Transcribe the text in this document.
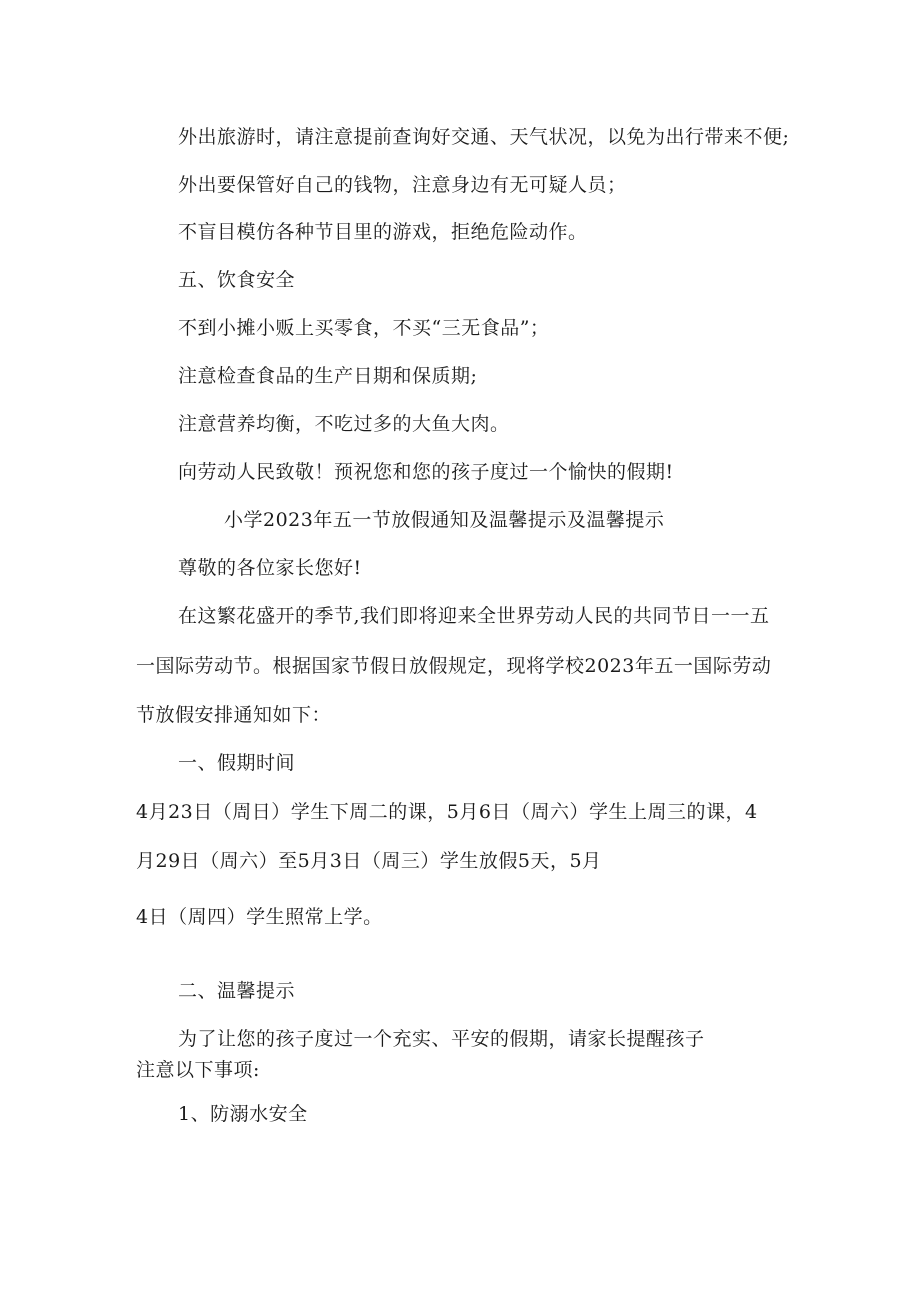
外出旅游时，请注意提前查询好交通、天气状况，以免为出行带来不便;
外出要保管好自己的钱物，注意身边有无可疑人员；
不盲目模仿各种节目里的游戏，拒绝危险动作。
五、饮食安全
不到小摊小贩上买零食，不买“三无食品”；
注意检查食品的生产日期和保质期;
注意营养均衡，不吃过多的大鱼大肉。
向劳动人民致敬！预祝您和您的孩子度过一个愉快的假期!
小学2023年五一节放假通知及温馨提示及温馨提示
尊敬的各位家长您好!
在这繁花盛开的季节,我们即将迎来全世界劳动人民的共同节日一一五
一国际劳动节。根据国家节假日放假规定，现将学校2023年五一国际劳动
节放假安排通知如下：
一、假期时间
4月23日（周日）学生下周二的课，5月6日（周六）学生上周三的课，4
月29日（周六）至5月3日（周三）学生放假5天，5月
4日（周四）学生照常上学。
二、温馨提示
为了让您的孩子度过一个充实、平安的假期，请家长提醒孩子
注意以下事项:
1、防溺水安全
